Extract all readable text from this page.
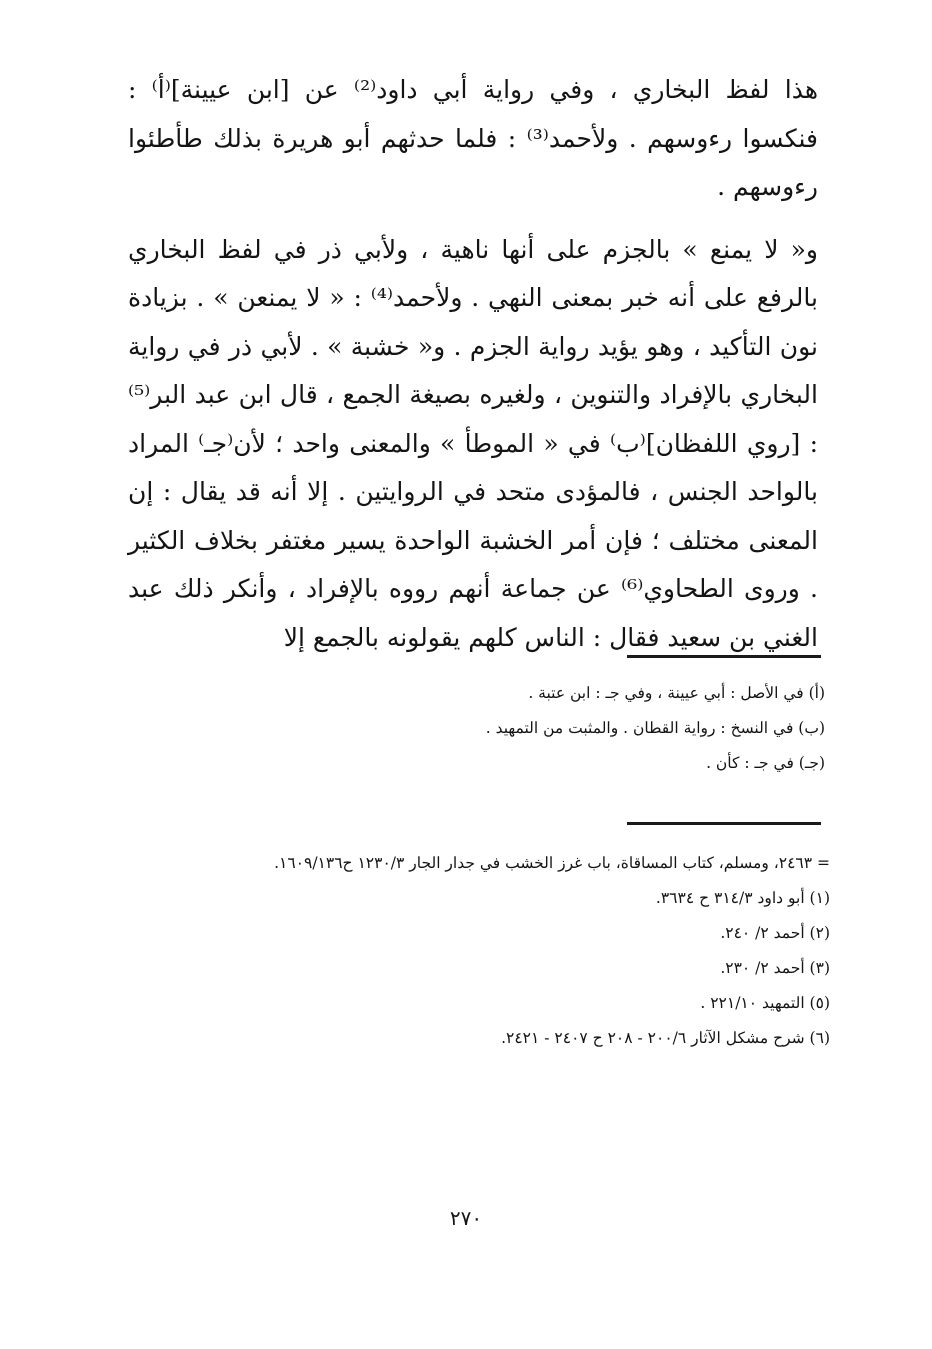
هذا لفظ البخاري ، وفي رواية أبي داود⁽²⁾ عن [ابن عيينة]⁽أ⁾ : فنكسوا رءوسهم . ولأحمد⁽³⁾ : فلما حدثهم أبو هريرة بذلك طأطئوا رءوسهم .

و« لا يمنع » بالجزم على أنها ناهية ، ولأبي ذر في لفظ البخاري بالرفع على أنه خبر بمعنى النهي . ولأحمد⁽⁴⁾ : « لا يمنعن » . بزيادة نون التأكيد ، وهو يؤيد رواية الجزم . و« خشبة » . لأبي ذر في رواية البخاري بالإفراد والتنوين ، ولغيره بصيغة الجمع ، قال ابن عبد البر⁽⁵⁾ : [روي اللفظان]⁽ب⁾ في « الموطأ » والمعنى واحد ؛ لأن⁽جـ⁾ المراد بالواحد الجنس ، فالمؤدى متحد في الروايتين . إلا أنه قد يقال : إن المعنى مختلف ؛ فإن أمر الخشبة الواحدة يسير مغتفر بخلاف الكثير . وروى الطحاوي⁽⁶⁾ عن جماعة أنهم رووه بالإفراد ، وأنكر ذلك عبد الغني بن سعيد فقال : الناس كلهم يقولونه بالجمع إلا

(أ) في الأصل : أبي عيينة ، وفي جـ : ابن عتبة .

(ب) في النسخ : رواية القطان . والمثبت من التمهيد .

(جـ) في جـ : كأن .

= ٢٤٦٣، ومسلم، كتاب المساقاة، باب غرز الخشب في جدار الجار ١٢٣٠/٣ ح١٦٠٩/١٣٦.

(١) أبو داود ٣١٤/٣ ح ٣٦٣٤.

(٢) أحمد ٢/ ٢٤٠.

(٣) أحمد ٢/ ٢٣٠.

(٥) التمهيد ٢٢١/١٠ .

(٦) شرح مشكل الآثار ٢٠٠/٦ - ٢٠٨ ح ٢٤٠٧ - ٢٤٢١.

٢٧٠
